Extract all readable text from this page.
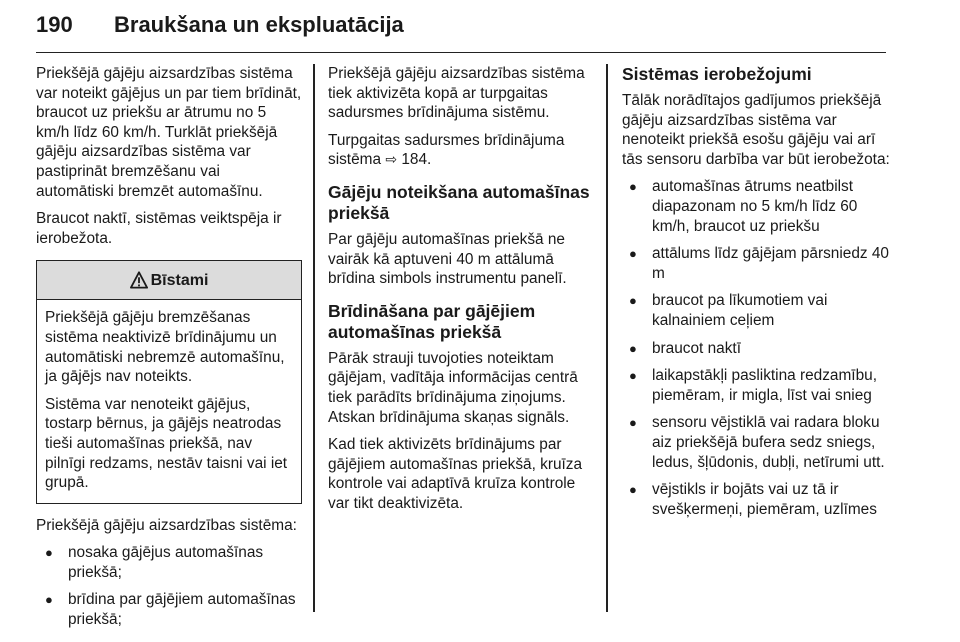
190 Braukšana un ekspluatācija

Priekšējā gājēju aizsardzības sistēma var noteikt gājējus un par tiem brīdināt, braucot uz priekšu ar ātrumu no 5 km/h līdz 60 km/h. Turklāt priekšējā gājēju aizsardzības sistēma var pastiprināt bremzēšanu vai automātiski bremzēt automašīnu.

Braucot naktī, sistēmas veiktspēja ir ierobežota.

Bīstami

Priekšējā gājēju bremzēšanas sistēma neaktivizē brīdinājumu un automātiski nebremzē automašīnu, ja gājējs nav noteikts.

Sistēma var nenoteikt gājējus, tostarp bērnus, ja gājējs neatrodas tieši automašīnas priekšā, nav pilnīgi redzams, nestāv taisni vai iet grupā.

Priekšējā gājēju aizsardzības sistēma:

● nosaka gājējus automašīnas priekšā;
● brīdina par gājējiem automašīnas priekšā;

Priekšējā gājēju aizsardzības sistēma tiek aktivizēta kopā ar turpgaitas sadursmes brīdinājuma sistēmu.

Turpgaitas sadursmes brīdinājuma sistēma ⇨ 184.

Gājēju noteikšana automašīnas priekšā

Par gājēju automašīnas priekšā ne vairāk kā aptuveni 40 m attālumā brīdina simbols instrumentu panelī.

Brīdināšana par gājējiem automašīnas priekšā

Pārāk strauji tuvojoties noteiktam gājējam, vadītāja informācijas centrā tiek parādīts brīdinājuma ziņojums. Atskan brīdinājuma skaņas signāls.

Kad tiek aktivizēts brīdinājums par gājējiem automašīnas priekšā, kruīza kontrole vai adaptīvā kruīza kontrole var tikt deaktivizēta.

Sistēmas ierobežojumi

Tālāk norādītajos gadījumos priekšējā gājēju aizsardzības sistēma var nenoteikt priekšā esošu gājēju vai arī tās sensoru darbība var būt ierobežota:

● automašīnas ātrums neatbilst diapazonam no 5 km/h līdz 60 km/h, braucot uz priekšu
● attālums līdz gājējam pārsniedz 40 m
● braucot pa līkumotiem vai kalnainiem ceļiem
● braucot naktī
● laikapstākļi pasliktina redzamību, piemēram, ir migla, līst vai snieg
● sensoru vējstiklā vai radara bloku aiz priekšējā bufera sedz sniegs, ledus, šļūdonis, dubļi, netīrumi utt.
● vējstikls ir bojāts vai uz tā ir svešķermeņi, piemēram, uzlīmes
